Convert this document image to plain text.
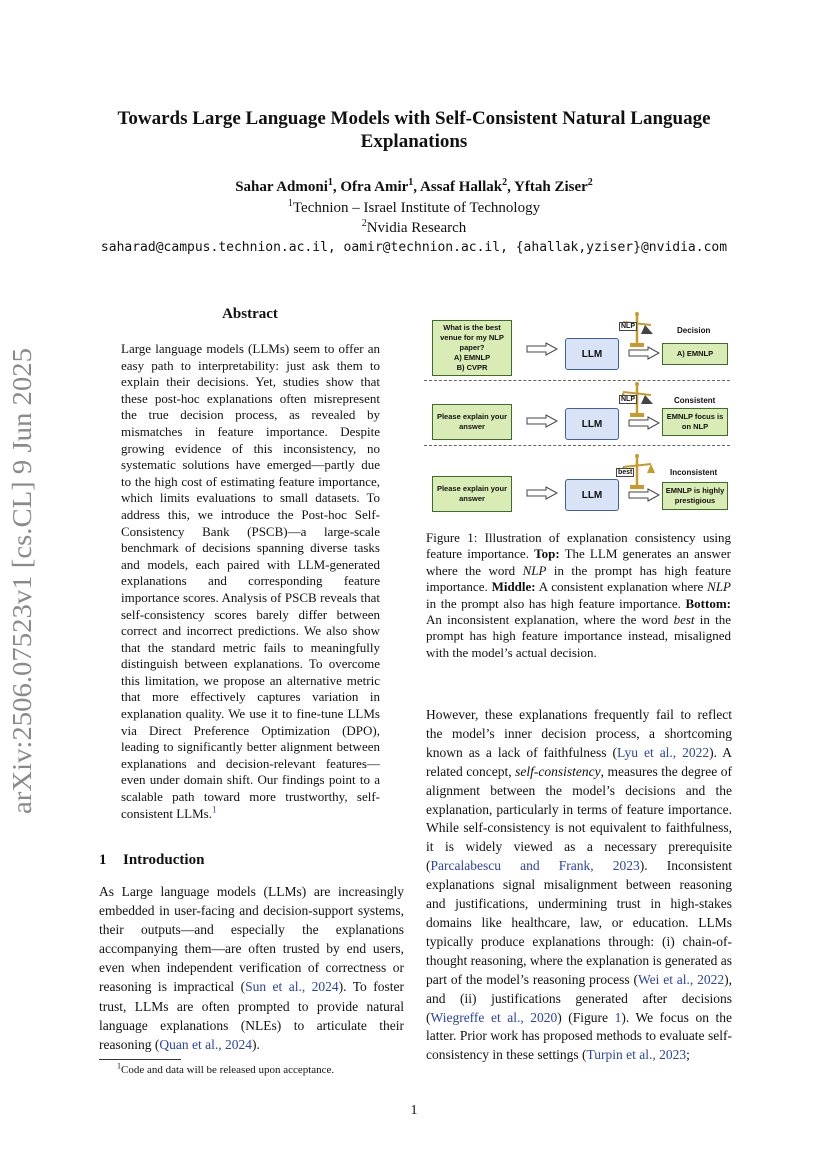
arXiv:2506.07523v1 [cs.CL] 9 Jun 2025
Towards Large Language Models with Self-Consistent Natural Language Explanations
Sahar Admoni$^1$, Ofra Amir$^1$, Assaf Hallak$^2$, Yftah Ziser$^2$
$^1$Technion – Israel Institute of Technology
$^2$Nvidia Research
saharad@campus.technion.ac.il, oamir@technion.ac.il, {ahallak,yziser}@nvidia.com
Abstract

Large language models (LLMs) seem to offer an easy path to interpretability: just ask them to explain their decisions. Yet, studies show that these post-hoc explanations often misrepresent the true decision process, as revealed by mismatches in feature importance. Despite growing evidence of this inconsistency, no systematic solutions have emerged—partly due to the high cost of estimating feature importance, which limits evaluations to small datasets. To address this, we introduce the Post-hoc Self-Consistency Bank (PSCB)—a large-scale benchmark of decisions spanning diverse tasks and models, each paired with LLM-generated explanations and corresponding feature importance scores. Analysis of PSCB reveals that self-consistency scores barely differ between correct and incorrect predictions. We also show that the standard metric fails to meaningfully distinguish between explanations. To overcome this limitation, we propose an alternative metric that more effectively captures variation in explanation quality. We use it to fine-tune LLMs via Direct Preference Optimization (DPO), leading to significantly better alignment between explanations and decision-relevant features—even under domain shift. Our findings point to a scalable path toward more trustworthy, self-consistent LLMs.$^1$

1 Introduction

As Large language models (LLMs) are increasingly embedded in user-facing and decision-support systems, their outputs—and especially the explanations accompanying them—are often trusted by end users, even when independent verification of correctness or reasoning is impractical (Sun et al., 2024). To foster trust, LLMs are often prompted to provide natural language explanations (NLEs) to articulate their reasoning (Quan et al., 2024).

$^1$Code and data will be released upon acceptance.
What is the best venue for my NLP paper?
A) EMNLP
B) CVPR
LLM
NLP	Decision
A) EMNLP
Please explain your answer	LLM
NLP	Consistent
EMNLP focus is on NLP
Please explain your answer	LLM
best	Inconsistent
EMNLP is highly prestigious

Figure 1: Illustration of explanation consistency using feature importance. Top: The LLM generates an answer where the word NLP in the prompt has high feature importance. Middle: A consistent explanation where NLP in the prompt also has high feature importance. Bottom: An inconsistent explanation, where the word best in the prompt has high feature importance instead, misaligned with the model’s actual decision.

However, these explanations frequently fail to reflect the model’s inner decision process, a shortcoming known as a lack of faithfulness (Lyu et al., 2022). A related concept, self-consistency, measures the degree of alignment between the model’s decisions and the explanation, particularly in terms of feature importance. While self-consistency is not equivalent to faithfulness, it is widely viewed as a necessary prerequisite (Parcalabescu and Frank, 2023). Inconsistent explanations signal misalignment between reasoning and justifications, undermining trust in high-stakes domains like healthcare, law, or education. LLMs typically produce explanations through: (i) chain-of-thought reasoning, where the explanation is generated as part of the model’s reasoning process (Wei et al., 2022), and (ii) justifications generated after decisions (Wiegreffe et al., 2020) (Figure 1). We focus on the latter. Prior work has proposed methods to evaluate self-consistency in these settings (Turpin et al., 2023;

1
